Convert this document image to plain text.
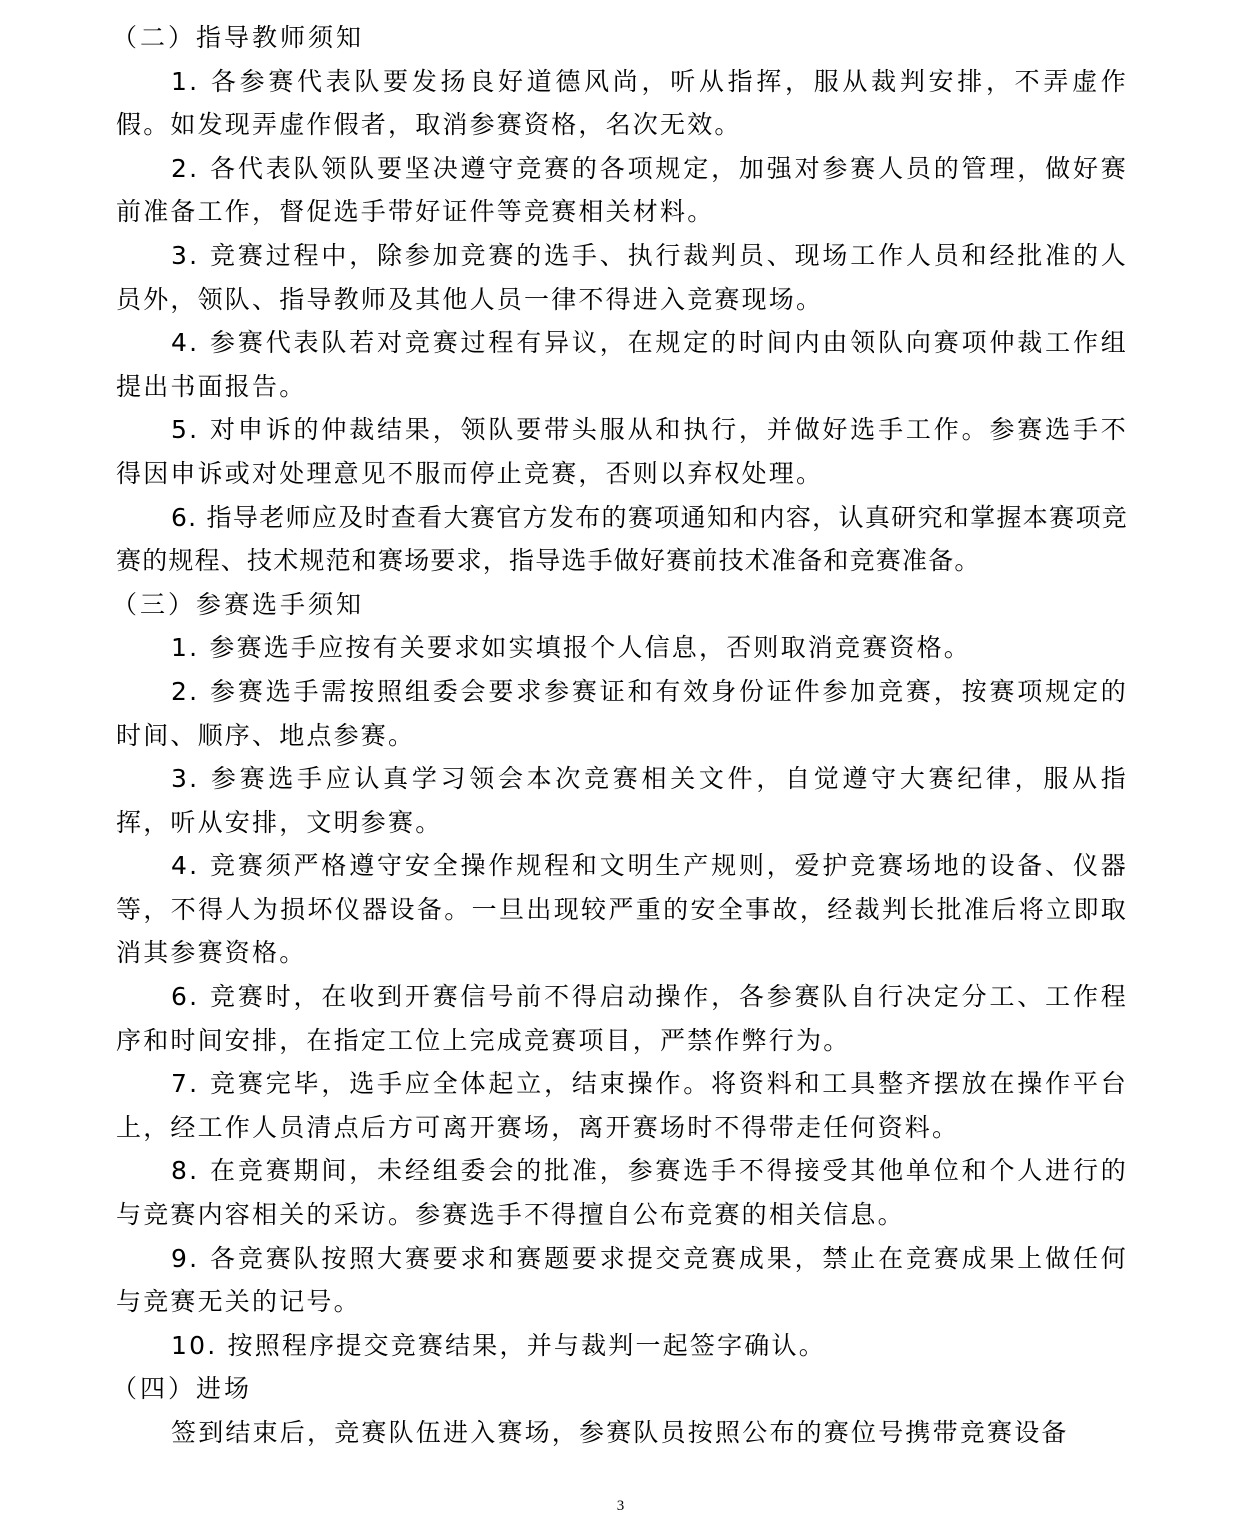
（二）指导教师须知

1. 各参赛代表队要发扬良好道德风尚，听从指挥，服从裁判安排，不弄虚作假。如发现弄虚作假者，取消参赛资格，名次无效。

2. 各代表队领队要坚决遵守竞赛的各项规定，加强对参赛人员的管理，做好赛前准备工作，督促选手带好证件等竞赛相关材料。

3. 竞赛过程中，除参加竞赛的选手、执行裁判员、现场工作人员和经批准的人员外，领队、指导教师及其他人员一律不得进入竞赛现场。

4. 参赛代表队若对竞赛过程有异议，在规定的时间内由领队向赛项仲裁工作组提出书面报告。

5. 对申诉的仲裁结果，领队要带头服从和执行，并做好选手工作。参赛选手不得因申诉或对处理意见不服而停止竞赛，否则以弃权处理。

6. 指导老师应及时查看大赛官方发布的赛项通知和内容，认真研究和掌握本赛项竞赛的规程、技术规范和赛场要求，指导选手做好赛前技术准备和竞赛准备。

（三）参赛选手须知

1. 参赛选手应按有关要求如实填报个人信息，否则取消竞赛资格。

2. 参赛选手需按照组委会要求参赛证和有效身份证件参加竞赛，按赛项规定的时间、顺序、地点参赛。

3. 参赛选手应认真学习领会本次竞赛相关文件，自觉遵守大赛纪律，服从指挥，听从安排，文明参赛。

4. 竞赛须严格遵守安全操作规程和文明生产规则，爱护竞赛场地的设备、仪器等，不得人为损坏仪器设备。一旦出现较严重的安全事故，经裁判长批准后将立即取消其参赛资格。

6. 竞赛时，在收到开赛信号前不得启动操作，各参赛队自行决定分工、工作程序和时间安排，在指定工位上完成竞赛项目，严禁作弊行为。

7. 竞赛完毕，选手应全体起立，结束操作。将资料和工具整齐摆放在操作平台上，经工作人员清点后方可离开赛场，离开赛场时不得带走任何资料。

8. 在竞赛期间，未经组委会的批准，参赛选手不得接受其他单位和个人进行的与竞赛内容相关的采访。参赛选手不得擅自公布竞赛的相关信息。

9. 各竞赛队按照大赛要求和赛题要求提交竞赛成果，禁止在竞赛成果上做任何与竞赛无关的记号。

10. 按照程序提交竞赛结果，并与裁判一起签字确认。

（四）进场

签到结束后，竞赛队伍进入赛场，参赛队员按照公布的赛位号携带竞赛设备

3
